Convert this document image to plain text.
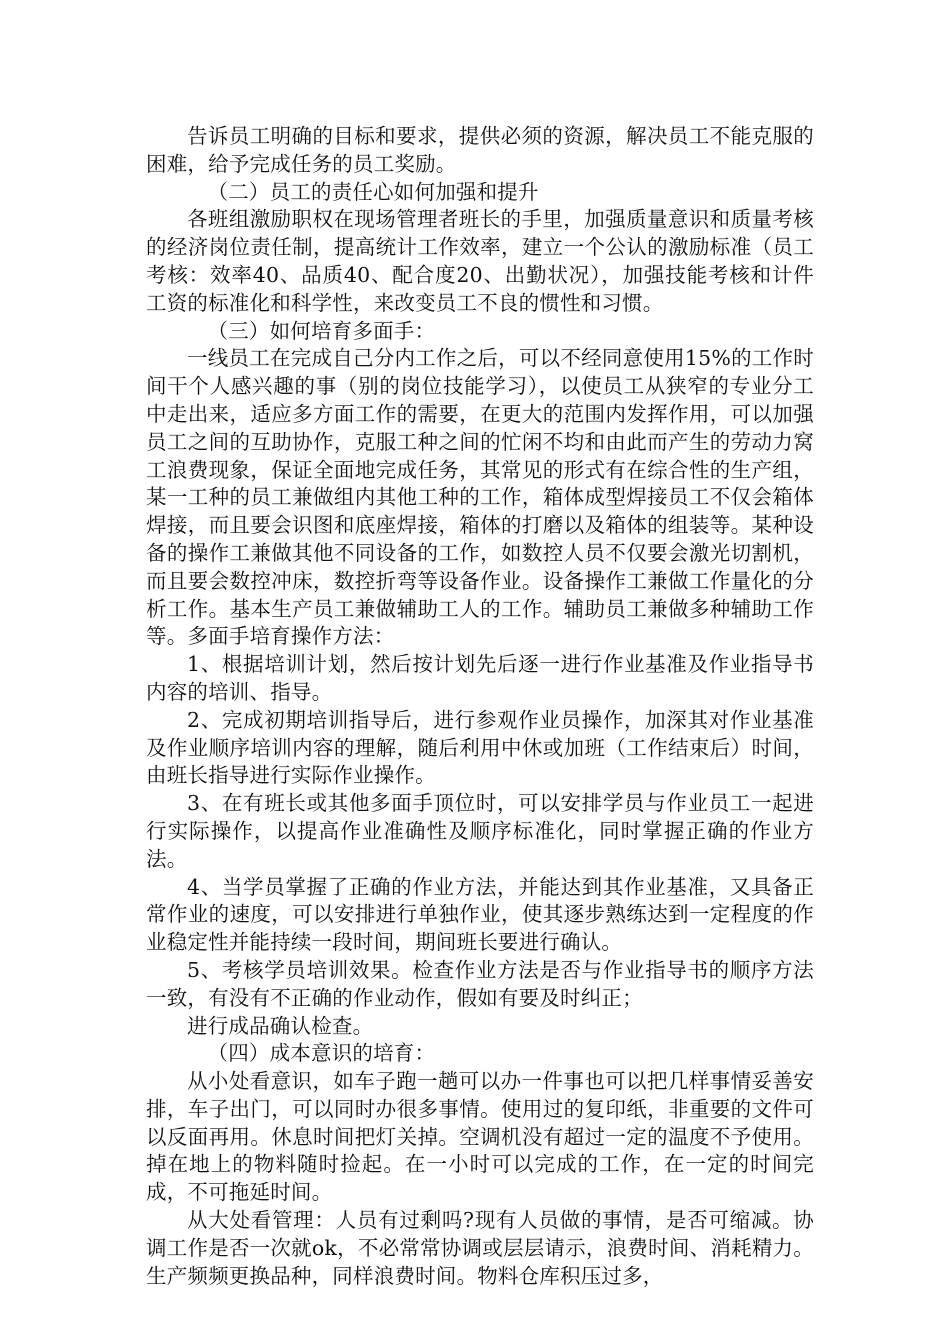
告诉员工明确的目标和要求，提供必须的资源，解决员工不能克服的困难，给予完成任务的员工奖励。

（二）员工的责任心如何加强和提升

各班组激励职权在现场管理者班长的手里，加强质量意识和质量考核的经济岗位责任制，提高统计工作效率，建立一个公认的激励标准（员工考核：效率40、品质40、配合度20、出勤状况），加强技能考核和计件工资的标准化和科学性，来改变员工不良的惯性和习惯。

（三）如何培育多面手：

一线员工在完成自己分内工作之后，可以不经同意使用15%的工作时间干个人感兴趣的事（别的岗位技能学习），以使员工从狭窄的专业分工中走出来，适应多方面工作的需要，在更大的范围内发挥作用，可以加强员工之间的互助协作，克服工种之间的忙闲不均和由此而产生的劳动力窝工浪费现象，保证全面地完成任务，其常见的形式有在综合性的生产组，某一工种的员工兼做组内其他工种的工作，箱体成型焊接员工不仅会箱体焊接，而且要会识图和底座焊接，箱体的打磨以及箱体的组装等。某种设备的操作工兼做其他不同设备的工作，如数控人员不仅要会激光切割机，而且要会数控冲床，数控折弯等设备作业。设备操作工兼做工作量化的分析工作。基本生产员工兼做辅助工人的工作。辅助员工兼做多种辅助工作等。多面手培育操作方法：

1、根据培训计划，然后按计划先后逐一进行作业基准及作业指导书内容的培训、指导。

2、完成初期培训指导后，进行参观作业员操作，加深其对作业基准及作业顺序培训内容的理解，随后利用中休或加班（工作结束后）时间，由班长指导进行实际作业操作。

3、在有班长或其他多面手顶位时，可以安排学员与作业员工一起进行实际操作，以提高作业准确性及顺序标准化，同时掌握正确的作业方法。

4、当学员掌握了正确的作业方法，并能达到其作业基准，又具备正常作业的速度，可以安排进行单独作业，使其逐步熟练达到一定程度的作业稳定性并能持续一段时间，期间班长要进行确认。

5、考核学员培训效果。检查作业方法是否与作业指导书的顺序方法一致，有没有不正确的作业动作，假如有要及时纠正；

进行成品确认检查。

（四）成本意识的培育：

从小处看意识，如车子跑一趟可以办一件事也可以把几样事情妥善安排，车子出门，可以同时办很多事情。使用过的复印纸，非重要的文件可以反面再用。休息时间把灯关掉。空调机没有超过一定的温度不予使用。掉在地上的物料随时捡起。在一小时可以完成的工作，在一定的时间完成，不可拖延时间。

从大处看管理：人员有过剩吗?现有人员做的事情，是否可缩减。协调工作是否一次就ok，不必常常协调或层层请示，浪费时间、消耗精力。生产频频更换品种，同样浪费时间。物料仓库积压过多，
